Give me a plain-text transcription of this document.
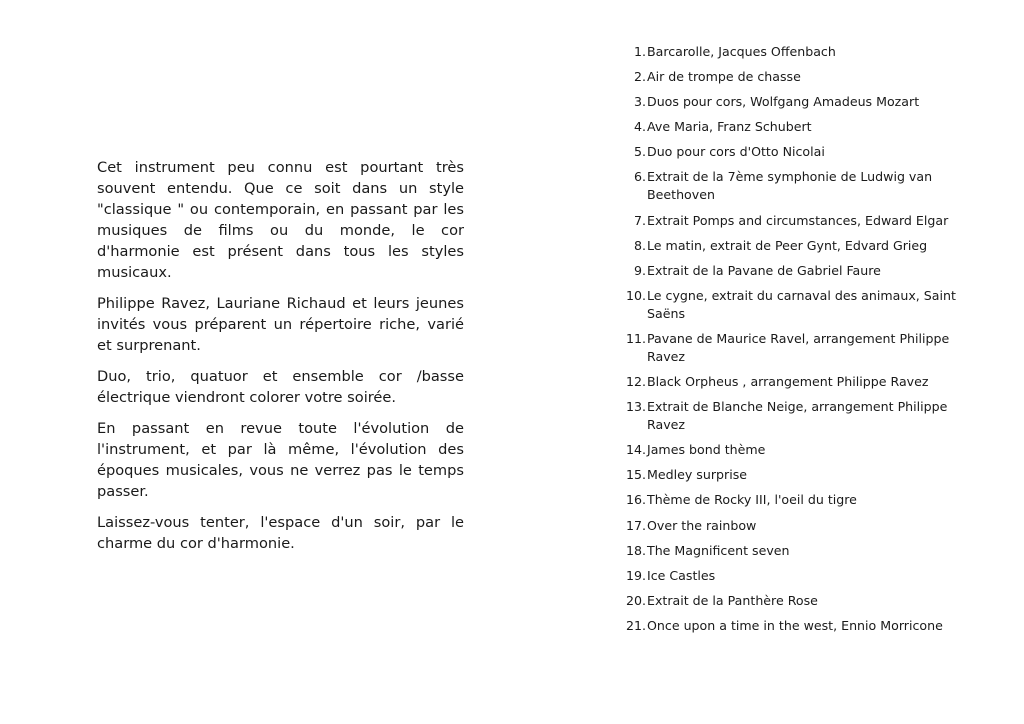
Cet instrument peu connu est pourtant très souvent entendu. Que ce soit dans un style "classique " ou contemporain, en passant par les musiques de films ou du monde, le cor d'harmonie est présent dans tous les styles musicaux.

Philippe Ravez, Lauriane Richaud et leurs jeunes invités vous préparent un répertoire riche, varié et surprenant.

Duo, trio, quatuor et ensemble cor /basse électrique viendront colorer votre soirée.

En passant en revue toute l'évolution de l'instrument, et par là même, l'évolution des époques musicales, vous ne verrez pas le temps passer.

Laissez-vous tenter, l'espace d'un soir, par le charme du cor d'harmonie.

1. Barcarolle, Jacques Offenbach
2. Air de trompe de chasse
3. Duos pour cors, Wolfgang Amadeus Mozart
4. Ave Maria, Franz Schubert
5. Duo pour cors d'Otto Nicolai
6. Extrait de la 7ème symphonie de Ludwig van Beethoven
7. Extrait Pomps and circumstances, Edward Elgar
8. Le matin, extrait de Peer Gynt, Edvard Grieg
9. Extrait de la Pavane de Gabriel Faure
10. Le cygne, extrait du carnaval des animaux, Saint Saëns
11. Pavane de Maurice Ravel, arrangement Philippe Ravez
12. Black Orpheus , arrangement Philippe Ravez
13. Extrait de Blanche Neige, arrangement Philippe Ravez
14. James bond thème
15. Medley surprise
16. Thème de Rocky III, l'oeil du tigre
17. Over the rainbow
18. The Magnificent seven
19. Ice Castles
20. Extrait de la Panthère Rose
21. Once upon a time in the west, Ennio Morricone
